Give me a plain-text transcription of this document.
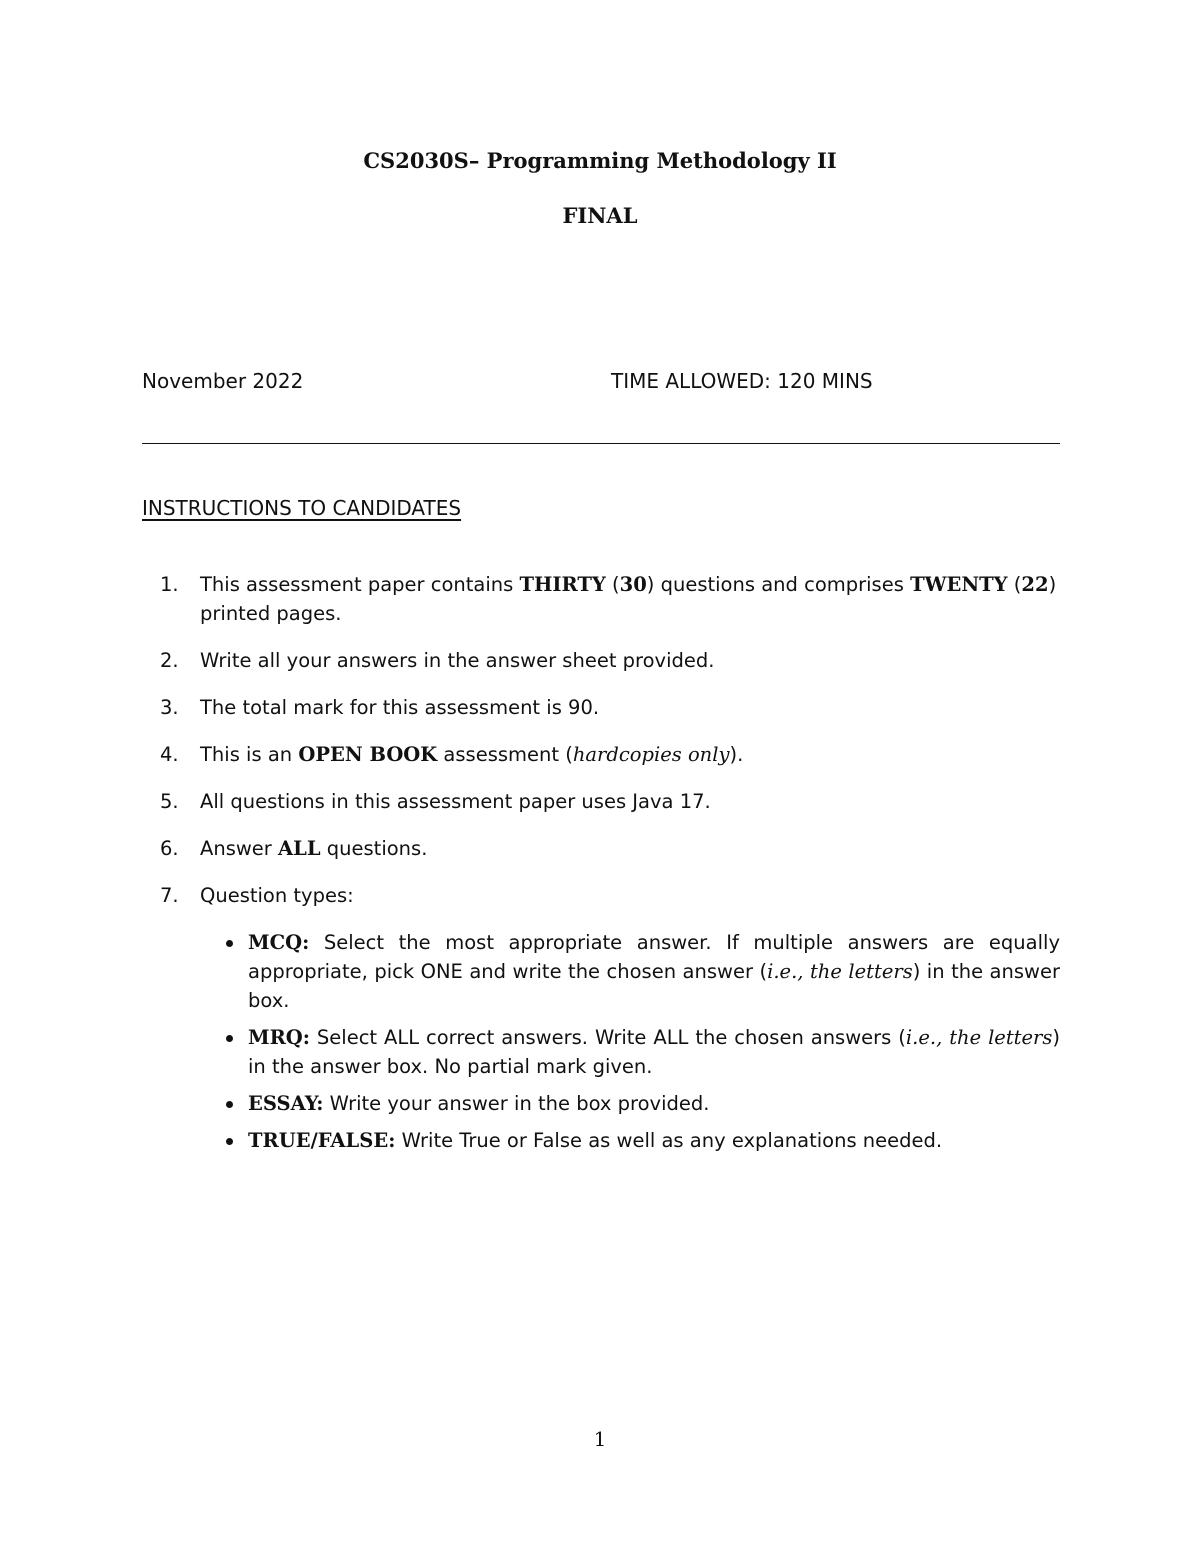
CS2030S– Programming Methodology II
FINAL
November 2022	TIME ALLOWED: 120 MINS
INSTRUCTIONS TO CANDIDATES
1.	This assessment paper contains THIRTY (30) questions and comprises TWENTY (22) printed pages.
2.	Write all your answers in the answer sheet provided.
3.	The total mark for this assessment is 90.
4.	This is an OPEN BOOK assessment (hardcopies only).
5.	All questions in this assessment paper uses Java 17.
6.	Answer ALL questions.
7.	Question types:
MCQ: Select the most appropriate answer. If multiple answers are equally appropriate, pick ONE and write the chosen answer (i.e., the letters) in the answer box.
MRQ: Select ALL correct answers. Write ALL the chosen answers (i.e., the letters) in the answer box. No partial mark given.
ESSAY: Write your answer in the box provided.
TRUE/FALSE: Write True or False as well as any explanations needed.
1
